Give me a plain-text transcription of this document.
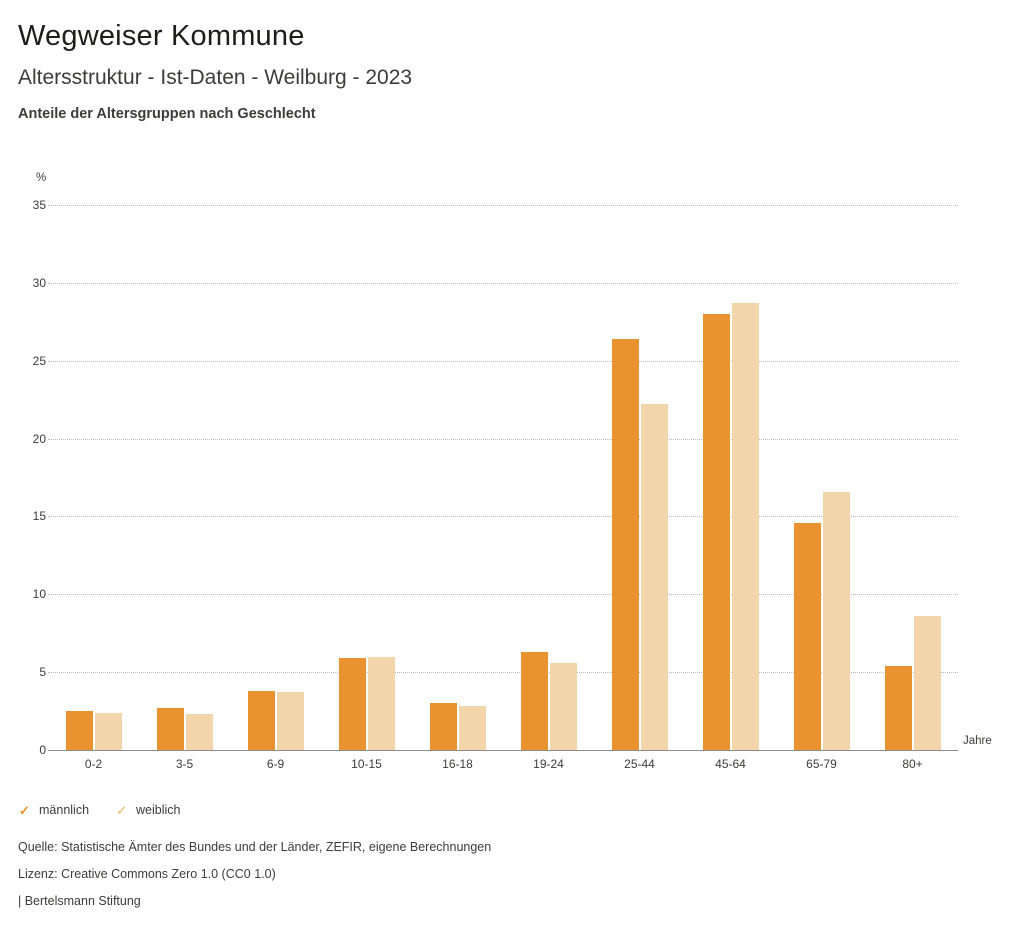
Wegweiser Kommune
Altersstruktur - Ist-Daten - Weilburg - 2023
Anteile der Altersgruppen nach Geschlecht
%
0
5
10
15
20
25
30
35
0-2	3-5	6-9	10-15	16-18	19-24	25-44	45-64	65-79	80+
Jahre
✓ männlich ✓ weiblich
Quelle: Statistische Ämter des Bundes und der Länder, ZEFIR, eigene Berechnungen
Lizenz: Creative Commons Zero 1.0 (CC0 1.0)
| Bertelsmann Stiftung
